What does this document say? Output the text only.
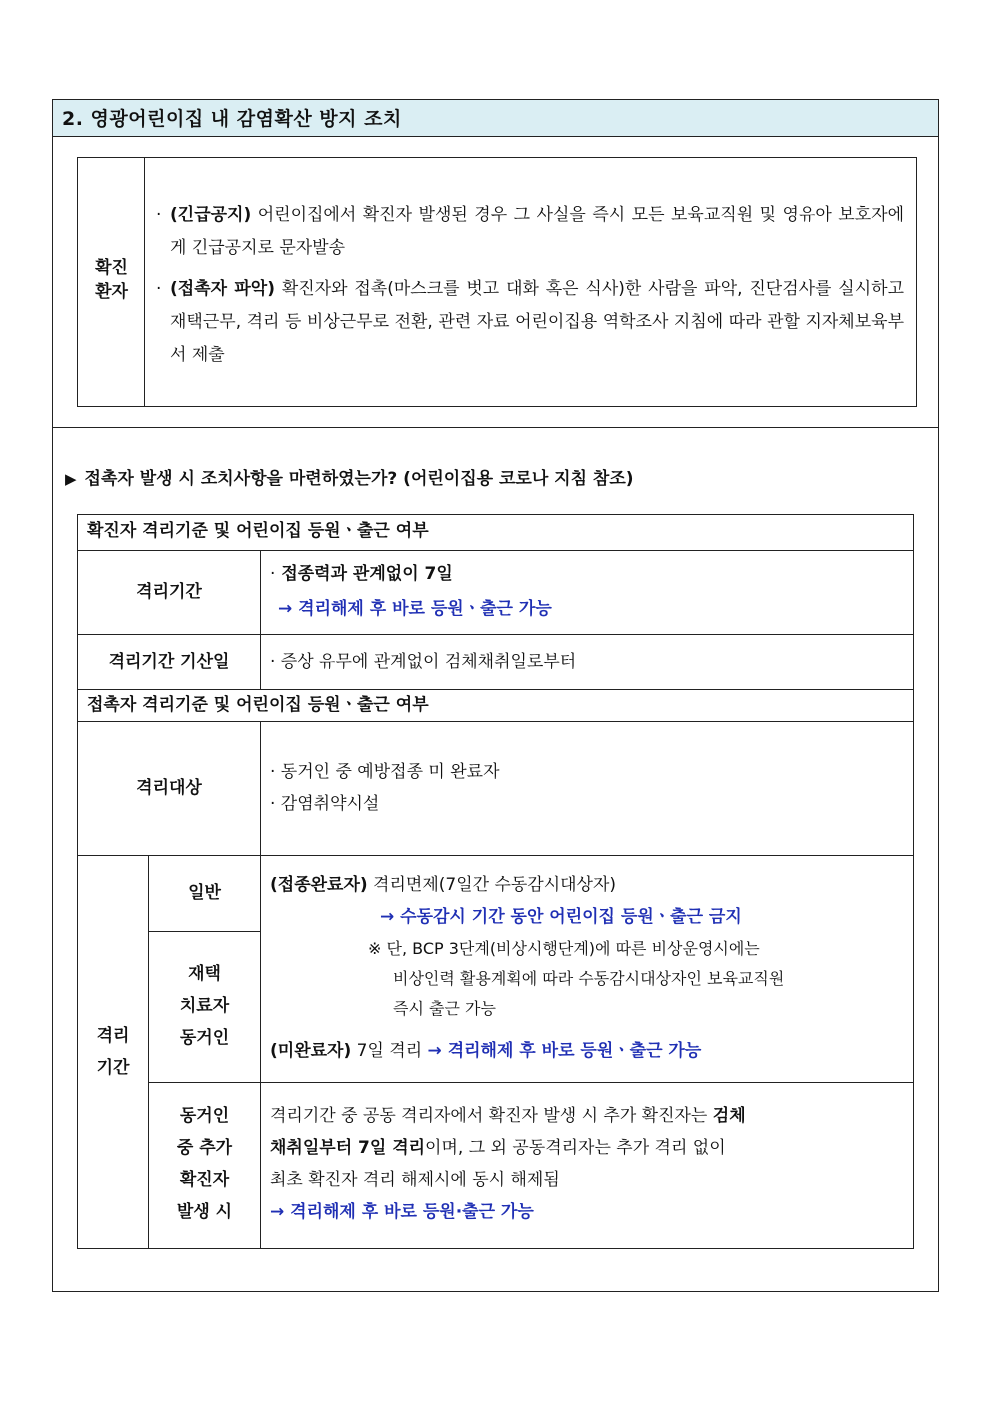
2. 영광어린이집 내 감염확산 방지 조치
확진
환자
· (긴급공지) 어린이집에서 확진자 발생된 경우 그 사실을 즉시 모든 보육교직원 및 영유아 보호자에게 긴급공지로 문자발송
· (접촉자 파악) 확진자와 접촉(마스크를 벗고 대화 혹은 식사)한 사람을 파악, 진단검사를 실시하고 재택근무, 격리 등 비상근무로 전환, 관련 자료 어린이집용 역학조사 지침에 따라 관할 지자체보육부서 제출
▶ 접촉자 발생 시 조치사항을 마련하였는가? (어린이집용 코로나 지침 참조)
확진자 격리기준 및 어린이집 등원ㆍ출근 여부
격리기간
· 접종력과 관계없이 7일
→ 격리해제 후 바로 등원ㆍ출근 가능
격리기간 기산일	· 증상 유무에 관계없이 검체채취일로부터
접촉자 격리기준 및 어린이집 등원ㆍ출근 여부
격리대상
· 동거인 중 예방접종 미 완료자
· 감염취약시설
격리
기간
일반
재택
치료자
동거인
(접종완료자) 격리면제(7일간 수동감시대상자)
→ 수동감시 기간 동안 어린이집 등원ㆍ출근 금지
※ 단, BCP 3단계(비상시행단계)에 따른 비상운영시에는
비상인력 활용계획에 따라 수동감시대상자인 보육교직원
즉시 출근 가능
(미완료자) 7일 격리 → 격리해제 후 바로 등원ㆍ출근 가능
동거인
중 추가
확진자
발생 시
격리기간 중 공동 격리자에서 확진자 발생 시 추가 확진자는 검체
채취일부터 7일 격리이며, 그 외 공동격리자는 추가 격리 없이
최초 확진자 격리 해제시에 동시 해제됨
→ 격리해제 후 바로 등원·출근 가능
